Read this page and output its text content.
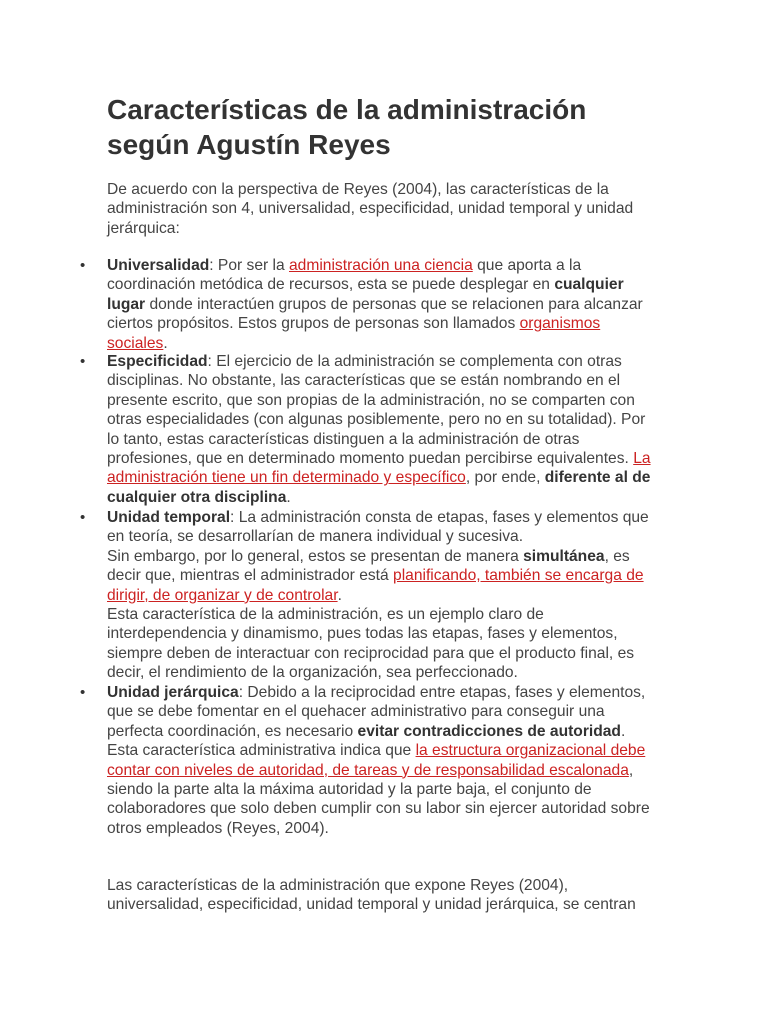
Características de la administración según Agustín Reyes

De acuerdo con la perspectiva de Reyes (2004), las características de la administración son 4, universalidad, especificidad, unidad temporal y unidad jerárquica:

• Universalidad: Por ser la administración una ciencia que aporta a la coordinación metódica de recursos, esta se puede desplegar en cualquier lugar donde interactúen grupos de personas que se relacionen para alcanzar ciertos propósitos. Estos grupos de personas son llamados organismos sociales.
• Especificidad: El ejercicio de la administración se complementa con otras disciplinas. No obstante, las características que se están nombrando en el presente escrito, que son propias de la administración, no se comparten con otras especialidades (con algunas posiblemente, pero no en su totalidad). Por lo tanto, estas características distinguen a la administración de otras profesiones, que en determinado momento puedan percibirse equivalentes. La administración tiene un fin determinado y específico, por ende, diferente al de cualquier otra disciplina.
• Unidad temporal: La administración consta de etapas, fases y elementos que en teoría, se desarrollarían de manera individual y sucesiva.
Sin embargo, por lo general, estos se presentan de manera simultánea, es decir que, mientras el administrador está planificando, también se encarga de dirigir, de organizar y de controlar.
Esta característica de la administración, es un ejemplo claro de interdependencia y dinamismo, pues todas las etapas, fases y elementos, siempre deben de interactuar con reciprocidad para que el producto final, es decir, el rendimiento de la organización, sea perfeccionado.
• Unidad jerárquica: Debido a la reciprocidad entre etapas, fases y elementos, que se debe fomentar en el quehacer administrativo para conseguir una perfecta coordinación, es necesario evitar contradicciones de autoridad.
Esta característica administrativa indica que la estructura organizacional debe contar con niveles de autoridad, de tareas y de responsabilidad escalonada, siendo la parte alta la máxima autoridad y la parte baja, el conjunto de colaboradores que solo deben cumplir con su labor sin ejercer autoridad sobre otros empleados (Reyes, 2004).

Las características de la administración que expone Reyes (2004), universalidad, especificidad, unidad temporal y unidad jerárquica, se centran
